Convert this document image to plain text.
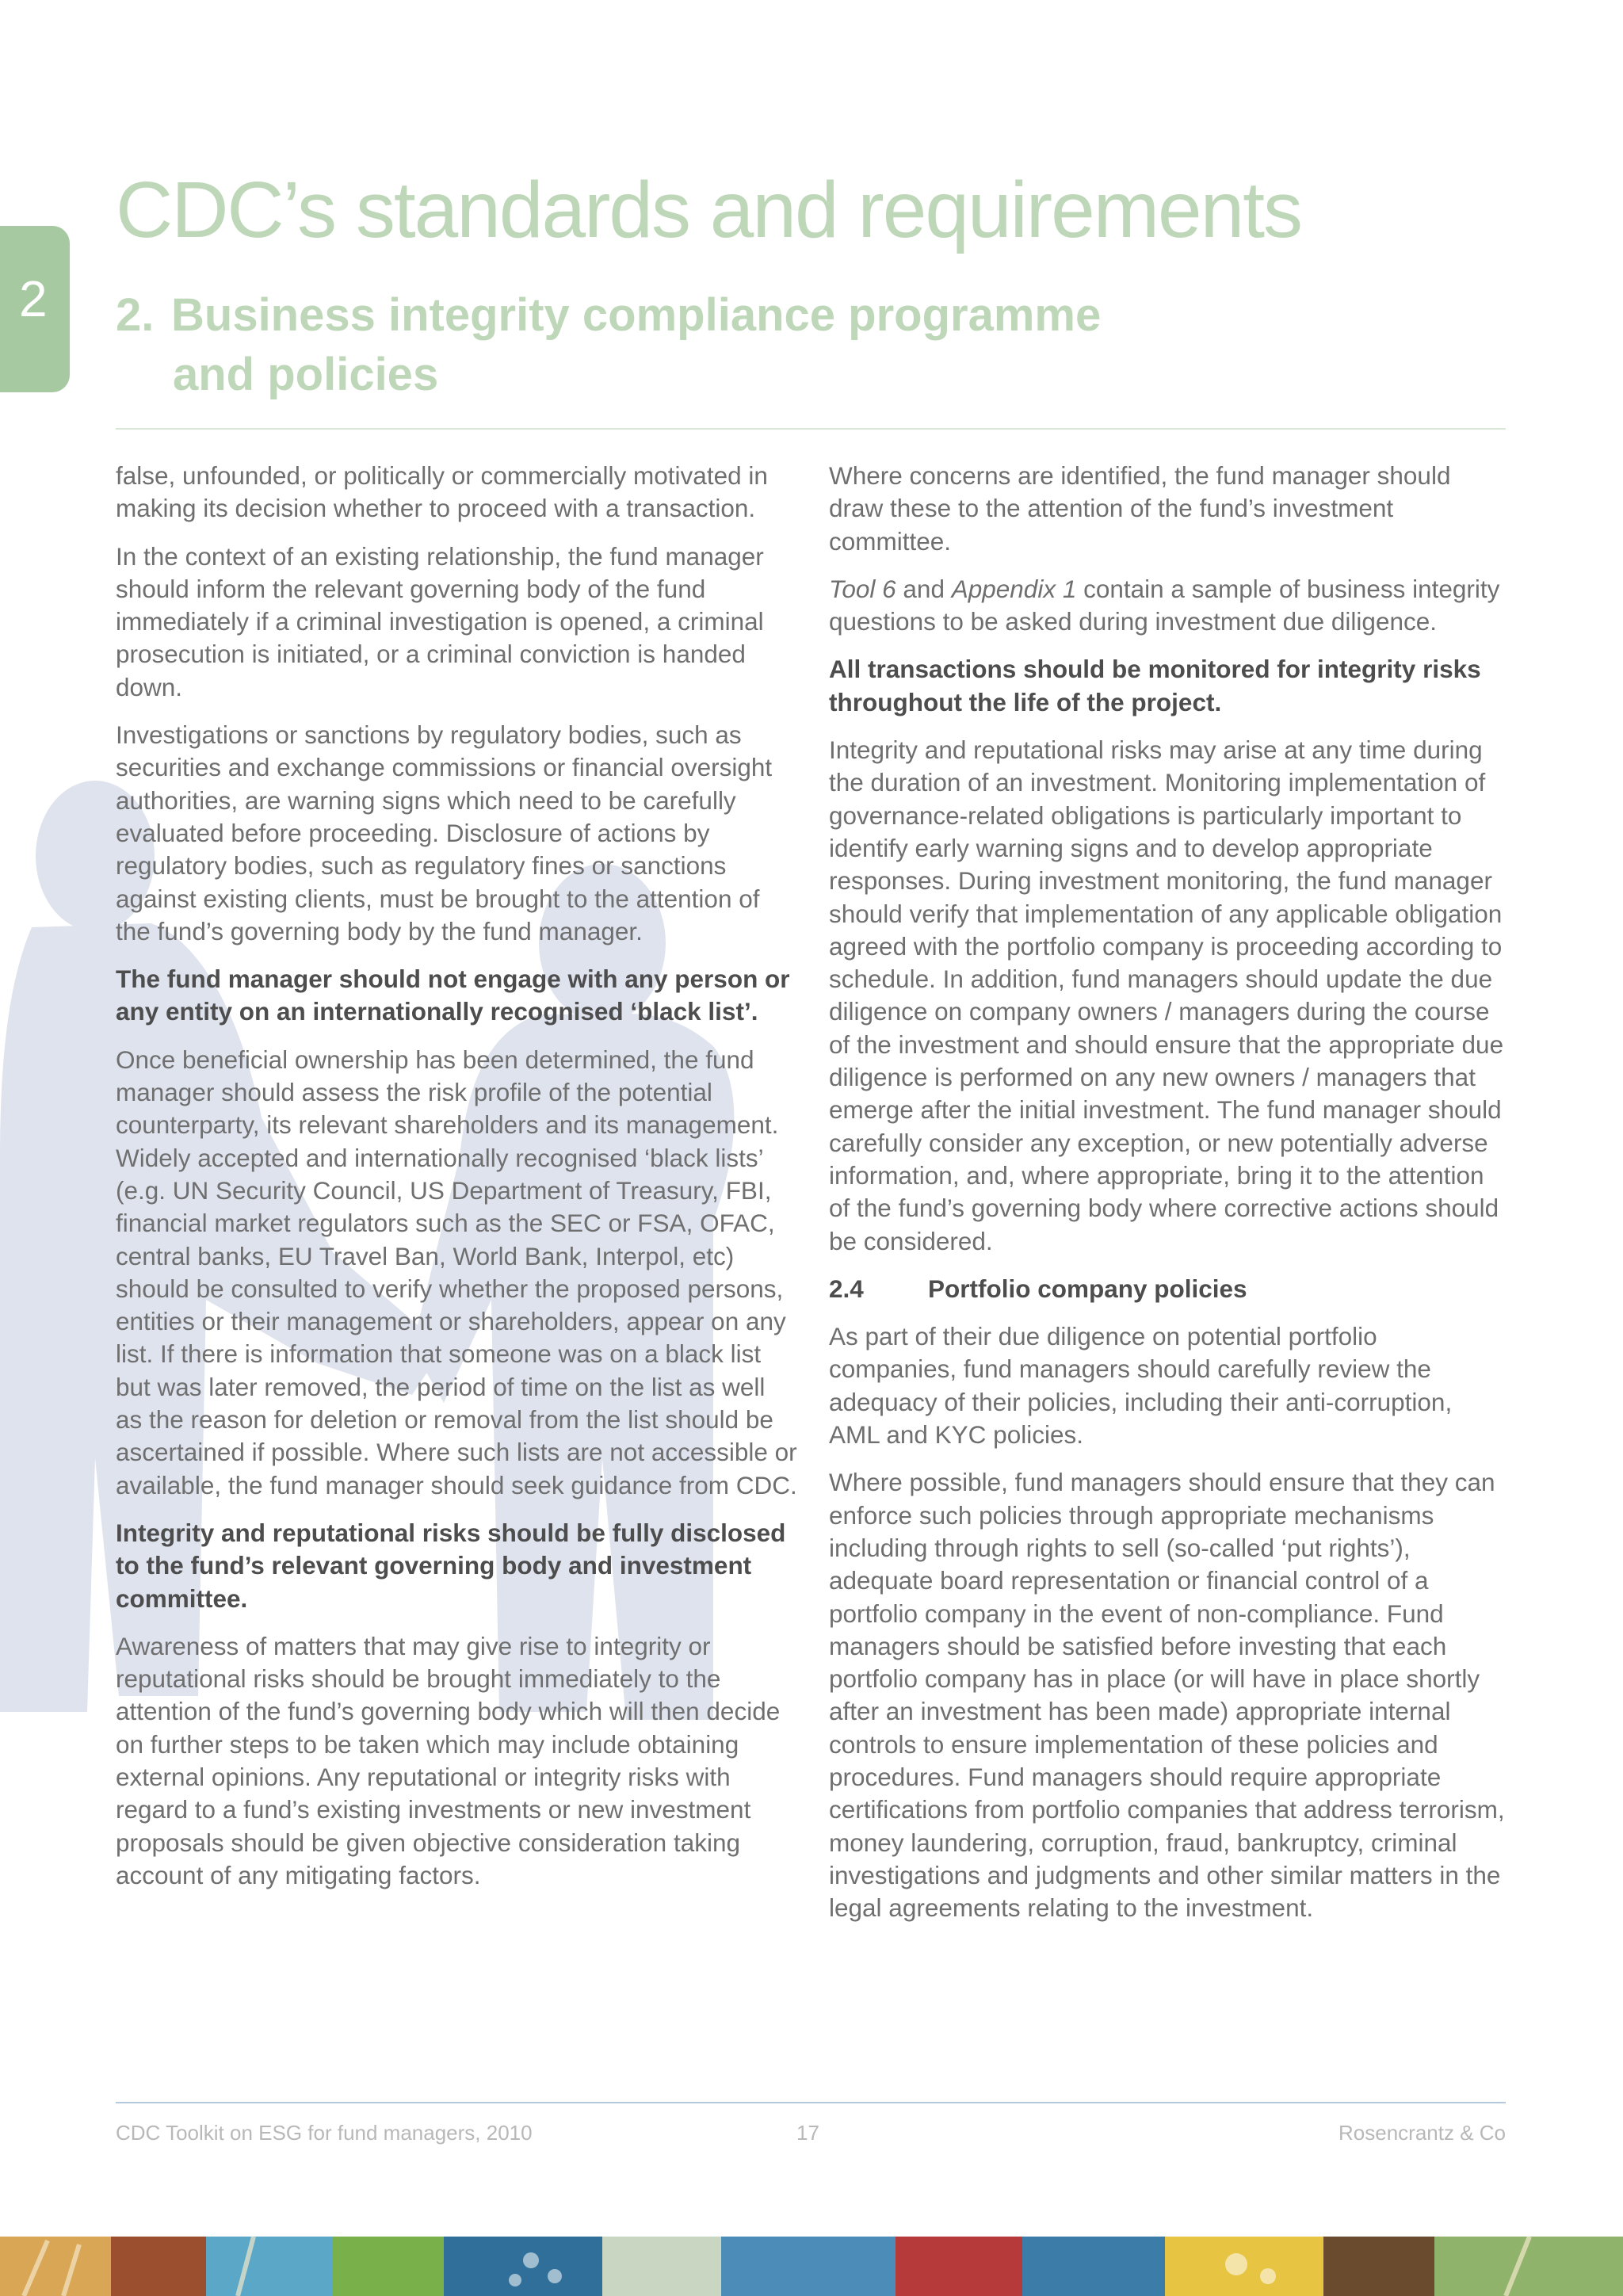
2
CDC’s standards and requirements
2. Business integrity compliance programme
and policies

false, unfounded, or politically or commercially motivated in making its decision whether to proceed with a transaction.

In the context of an existing relationship, the fund manager should inform the relevant governing body of the fund immediately if a criminal investigation is opened, a criminal prosecution is initiated, or a criminal conviction is handed down.

Investigations or sanctions by regulatory bodies, such as securities and exchange commissions or financial oversight authorities, are warning signs which need to be carefully evaluated before proceeding. Disclosure of actions by regulatory bodies, such as regulatory fines or sanctions against existing clients, must be brought to the attention of the fund’s governing body by the fund manager.

The fund manager should not engage with any person or any entity on an internationally recognised ‘black list’.

Once beneficial ownership has been determined, the fund manager should assess the risk profile of the potential counterparty, its relevant shareholders and its management. Widely accepted and internationally recognised ‘black lists’ (e.g. UN Security Council, US Department of Treasury, FBI, financial market regulators such as the SEC or FSA, OFAC, central banks, EU Travel Ban, World Bank, Interpol, etc) should be consulted to verify whether the proposed persons, entities or their management or shareholders, appear on any list. If there is information that someone was on a black list but was later removed, the period of time on the list as well as the reason for deletion or removal from the list should be ascertained if possible. Where such lists are not accessible or available, the fund manager should seek guidance from CDC.

Integrity and reputational risks should be fully disclosed to the fund’s relevant governing body and investment committee.

Awareness of matters that may give rise to integrity or reputational risks should be brought immediately to the attention of the fund’s governing body which will then decide on further steps to be taken which may include obtaining external opinions. Any reputational or integrity risks with regard to a fund’s existing investments or new investment proposals should be given objective consideration taking account of any mitigating factors.

Where concerns are identified, the fund manager should draw these to the attention of the fund’s investment committee.

Tool 6 and Appendix 1 contain a sample of business integrity questions to be asked during investment due diligence.

All transactions should be monitored for integrity risks throughout the life of the project.

Integrity and reputational risks may arise at any time during the duration of an investment. Monitoring implementation of governance-related obligations is particularly important to identify early warning signs and to develop appropriate responses. During investment monitoring, the fund manager should verify that implementation of any applicable obligation agreed with the portfolio company is proceeding according to schedule. In addition, fund managers should update the due diligence on company owners / managers during the course of the investment and should ensure that the appropriate due diligence is performed on any new owners / managers that emerge after the initial investment. The fund manager should carefully consider any exception, or new potentially adverse information, and, where appropriate, bring it to the attention of the fund’s governing body where corrective actions should be considered.

2.4	Portfolio company policies

As part of their due diligence on potential portfolio companies, fund managers should carefully review the adequacy of their policies, including their anti-corruption, AML and KYC policies.

Where possible, fund managers should ensure that they can enforce such policies through appropriate mechanisms including through rights to sell (so-called ‘put rights’), adequate board representation or financial control of a portfolio company in the event of non-compliance. Fund managers should be satisfied before investing that each portfolio company has in place (or will have in place shortly after an investment has been made) appropriate internal controls to ensure implementation of these policies and procedures. Fund managers should require appropriate certifications from portfolio companies that address terrorism, money laundering, corruption, fraud, bankruptcy, criminal investigations and judgments and other similar matters in the legal agreements relating to the investment.

CDC Toolkit on ESG for fund managers, 2010	17	Rosencrantz & Co
